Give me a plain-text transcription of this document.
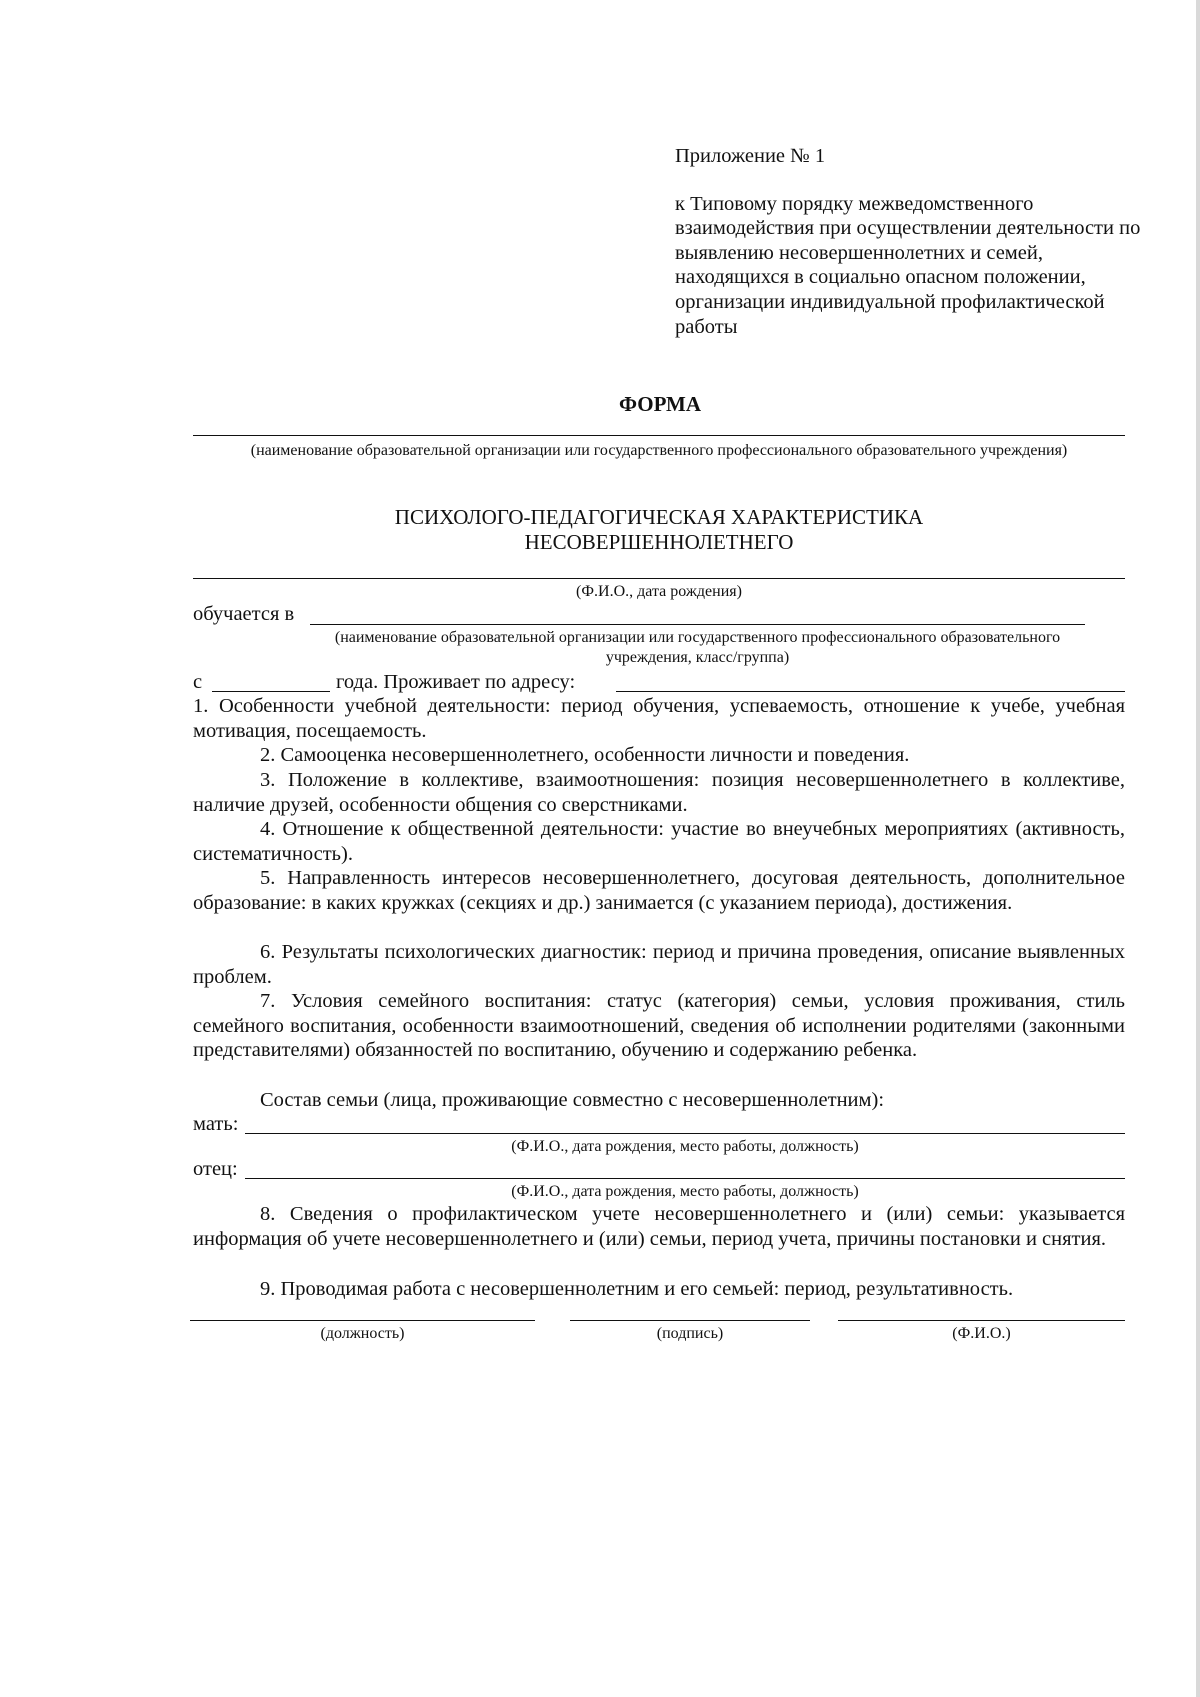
Приложение № 1
к Типовому порядку межведомственного взаимодействия при осуществлении деятельности по выявлению несовершеннолетних и семей, находящихся в социально опасном положении, организации индивидуальной профилактической работы
ФОРМА
(наименование образовательной организации или государственного профессионального образовательного учреждения)
ПСИХОЛОГО-ПЕДАГОГИЧЕСКАЯ ХАРАКТЕРИСТИКА
НЕСОВЕРШЕННОЛЕТНЕГО
(Ф.И.О., дата рождения)
обучается в
(наименование образовательной организации или государственного профессионального образовательного учреждения, класс/группа)
с	года. Проживает по адресу:
1. Особенности учебной деятельности: период обучения, успеваемость, отношение к учебе, учебная мотивация, посещаемость.
2. Самооценка несовершеннолетнего, особенности личности и поведения.
3. Положение в коллективе, взаимоотношения: позиция несовершеннолетнего в коллективе, наличие друзей, особенности общения со сверстниками.
4. Отношение к общественной деятельности: участие во внеучебных мероприятиях (активность, систематичность).
5. Направленность интересов несовершеннолетнего, досуговая деятельность, дополнительное образование: в каких кружках (секциях и др.) занимается (с указанием периода), достижения.
6. Результаты психологических диагностик: период и причина проведения, описание выявленных проблем.
7. Условия семейного воспитания: статус (категория) семьи, условия проживания, стиль семейного воспитания, особенности взаимоотношений, сведения об исполнении родителями (законными представителями) обязанностей по воспитанию, обучению и содержанию ребенка.
Состав семьи (лица, проживающие совместно с несовершеннолетним):
мать:
(Ф.И.О., дата рождения, место работы, должность)
отец:
(Ф.И.О., дата рождения, место работы, должность)
8. Сведения о профилактическом учете несовершеннолетнего и (или) семьи: указывается информация об учете несовершеннолетнего и (или) семьи, период учета, причины постановки и снятия.
9. Проводимая работа с несовершеннолетним и его семьей: период, результативность.
(должность)	(подпись)	(Ф.И.О.)
